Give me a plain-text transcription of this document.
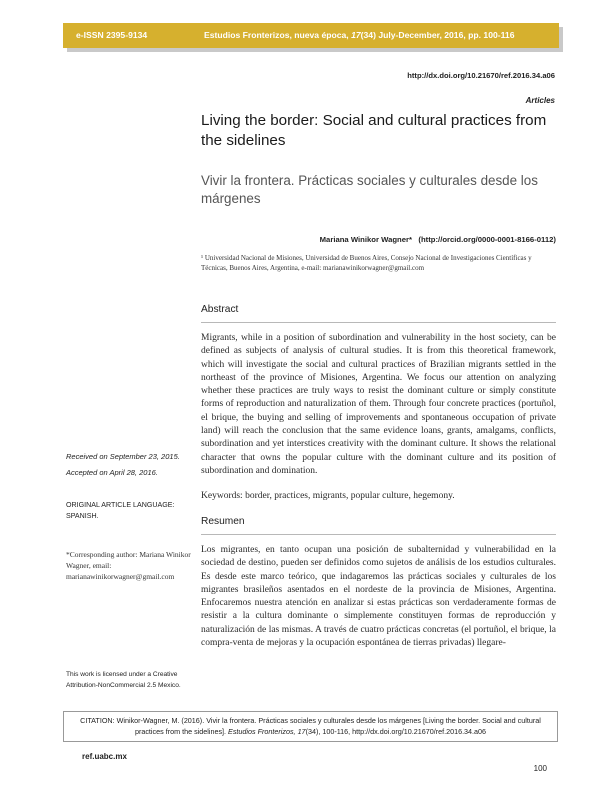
e-ISSN 2395-9134	Estudios Fronterizos, nueva época, 17(34) July-December, 2016, pp. 100-116
http://dx.doi.org/10.21670/ref.2016.34.a06
Articles
Living the border: Social and cultural practices from the sidelines
Vivir la frontera. Prácticas sociales y culturales desde los márgenes
Mariana Winikor Wagner* (http://orcid.org/0000-0001-8166-0112)
¹ Universidad Nacional de Misiones, Universidad de Buenos Aires, Consejo Nacional de Investigaciones Científicas y Técnicas, Buenos Aires, Argentina, e-mail: marianawinikorwagner@gmail.com
Abstract
Migrants, while in a position of subordination and vulnerability in the host society, can be defined as subjects of analysis of cultural studies. It is from this theoretical framework, which will investigate the social and cultural practices of Brazilian migrants settled in the northeast of the province of Misiones, Argentina. We focus our attention on analyzing whether these practices are truly ways to resist the dominant culture or simply constitute forms of reproduction and naturalization of them. Through four concrete practices (portuñol, el brique, the buying and selling of improvements and spontaneous occupation of private land) will reach the conclusion that the same evidence loans, grants, amalgams, conflicts, subordination and yet interstices creativity with the dominant culture. It shows the relational character that owns the popular culture with the dominant culture and its position of subordination and domination.
Keywords: border, practices, migrants, popular culture, hegemony.
Resumen
Los migrantes, en tanto ocupan una posición de subalternidad y vulnerabilidad en la sociedad de destino, pueden ser definidos como sujetos de análisis de los estudios culturales. Es desde este marco teórico, que indagaremos las prácticas sociales y culturales de los migrantes brasileños asentados en el nordeste de la provincia de Misiones, Argentina. Enfocaremos nuestra atención en analizar si estas prácticas son verdaderamente formas de resistir a la cultura dominante o simplemente constituyen formas de reproducción y naturalización de las mismas. A través de cuatro prácticas concretas (el portuñol, el brique, la compra-venta de mejoras y la ocupación espontánea de tierras privadas) llegare-
Received on September 23, 2015.
Accepted on April 28, 2016.
ORIGINAL ARTICLE LANGUAGE: SPANISH.
*Corresponding author: Mariana Winikor Wagner, email: marianawinikorwagner@gmail.com
This work is licensed under a Creative Attribution-NonCommercial 2.5 Mexico.
CITATION: Winikor-Wagner, M. (2016). Vivir la frontera. Prácticas sociales y culturales desde los márgenes [Living the border. Social and cultural practices from the sidelines]. Estudios Fronterizos, 17(34), 100-116, http://dx.doi.org/10.21670/ref.2016.34.a06
ref.uabc.mx
100
